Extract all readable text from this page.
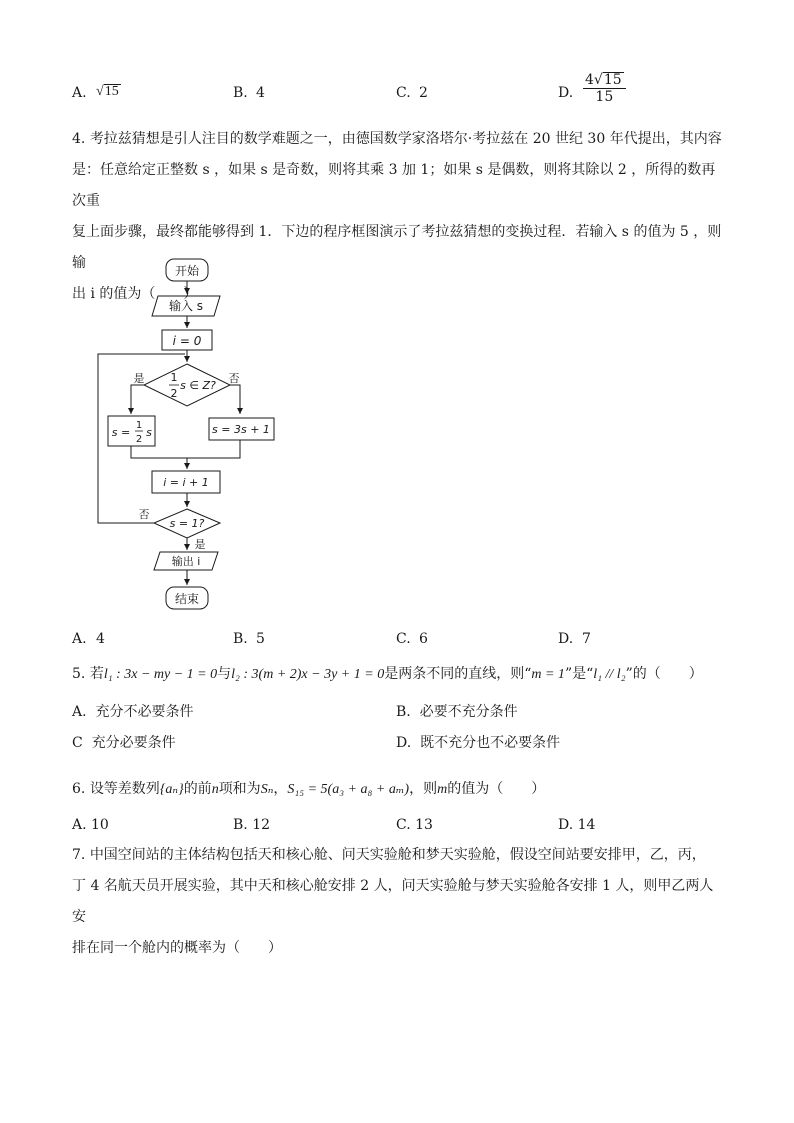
A. √15	B. 4	C. 2	D. $\frac{4√15}{15}$
4. 考拉兹猜想是引人注目的数学难题之一，由德国数学家洛塔尔·考拉兹在 20 世纪 30 年代提出，其内容
是：任意给定正整数 s ，如果 s 是奇数，则将其乘 3 加 1；如果 s 是偶数，则将其除以 2 ，所得的数再次重
复上面步骤，最终都能够得到 1．下边的程序框图演示了考拉兹猜想的变换过程．若输入 s 的值为 5 ，则输
出 i 的值为（　　）
开始
输入 s
i = 0
1
2
s ∈ Z?
是	否
s =
1
2
s	s = 3s + 1
i = i + 1
s = 1?
否
是
输出 i
结束
A. 4	B. 5	C. 6	D. 7
5. 若l₁ : 3x − my − 1 = 0与l₂ : 3(m + 2)x − 3y + 1 = 0是两条不同的直线，则“m = 1”是“l₁ // l₂”的（　　）
A. 充分不必要条件	B. 必要不充分条件
C 充分必要条件	D. 既不充分也不必要条件
6. 设等差数列{aₙ}的前n项和为Sₙ，S₁₅ = 5(a₃ + a₈ + aₘ)，则m的值为（　　）
A. 10	B. 12	C. 13	D. 14
7. 中国空间站的主体结构包括天和核心舱、问天实验舱和梦天实验舱，假设空间站要安排甲，乙，丙，
丁 4 名航天员开展实验，其中天和核心舱安排 2 人，问天实验舱与梦天实验舱各安排 1 人，则甲乙两人安
排在同一个舱内的概率为（　　）
